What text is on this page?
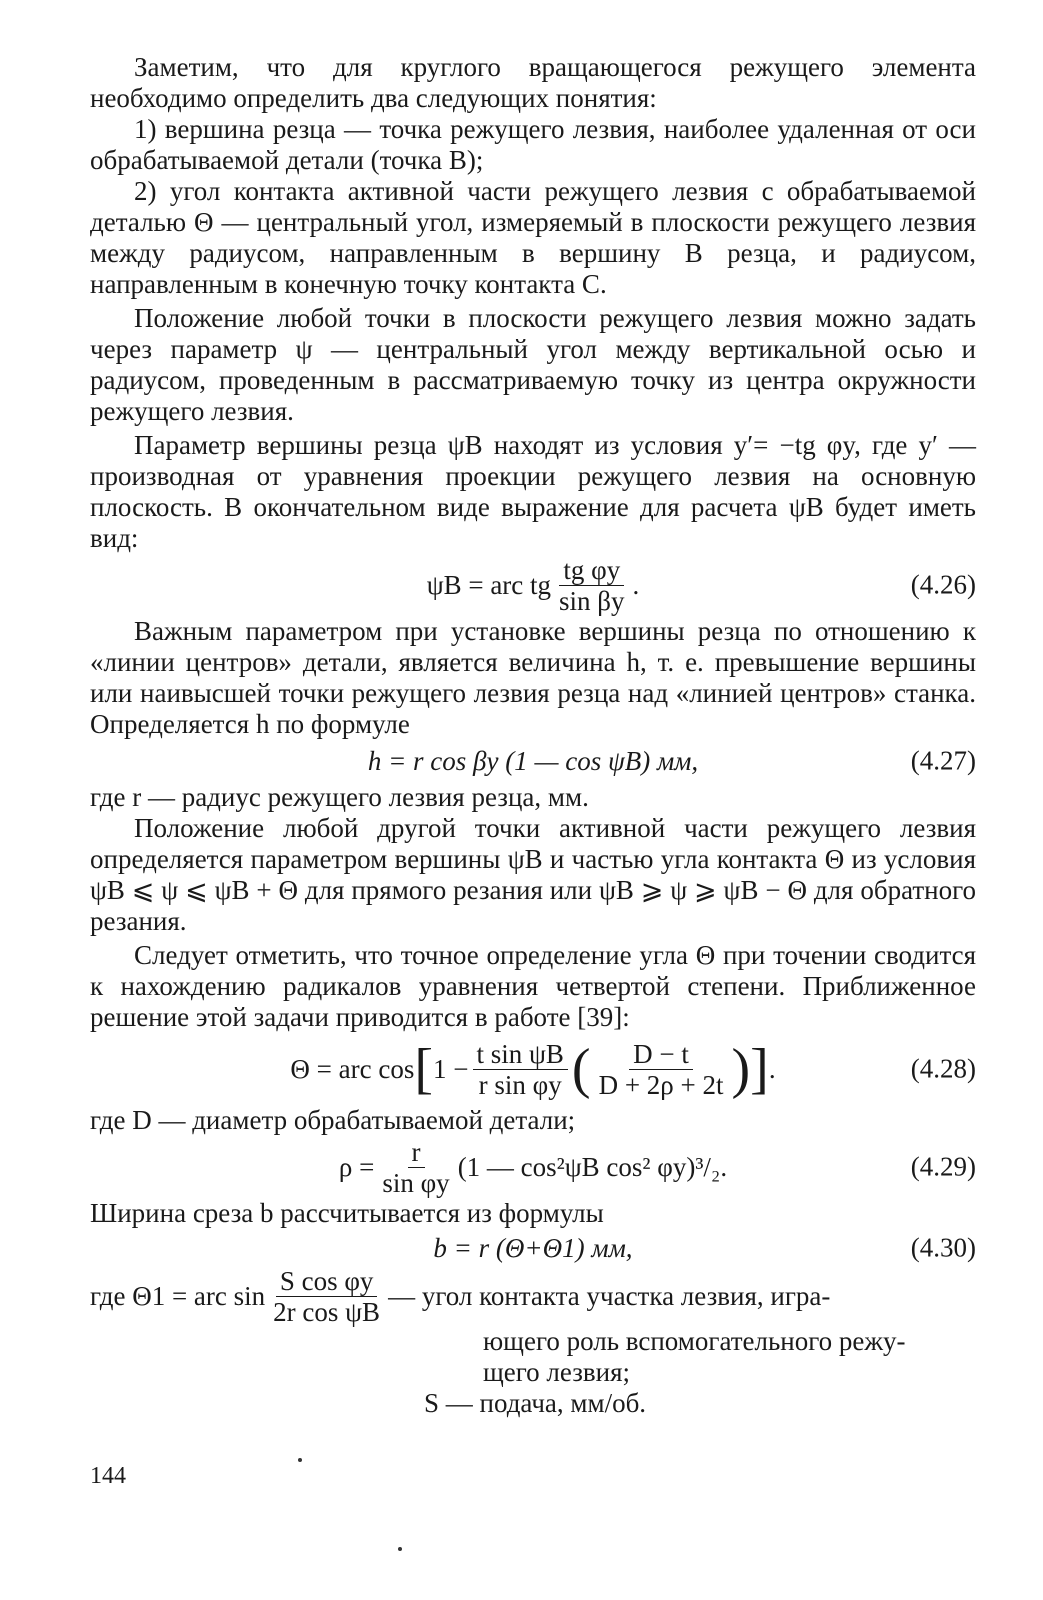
Заметим, что для круглого вращающегося режущего элемента необходимо определить два следующих понятия:

1) вершина резца — точка режущего лезвия, наиболее удаленная от оси обрабатываемой детали (точка B);

2) угол контакта активной части режущего лезвия с обрабатываемой деталью Θ — центральный угол, измеряемый в плоскости режущего лезвия между радиусом, направленным в вершину B резца, и радиусом, направленным в конечную точку контакта C.

Положение любой точки в плоскости режущего лезвия можно задать через параметр ψ — центральный угол между вертикальной осью и радиусом, проведенным в рассматриваемую точку из центра окружности режущего лезвия.

Параметр вершины резца ψB находят из условия y′= −tg φy, где y′ — производная от уравнения проекции режущего лезвия на основную плоскость. В окончательном виде выражение для расчета ψB будет иметь вид:

ψB = arc tg $\frac{\text{tg φy}}{\text{sin βy}}$ .	(4.26)

Важным параметром при установке вершины резца по отношению к «линии центров» детали, является величина h, т. е. превышение вершины или наивысшей точки режущего лезвия резца над «линией центров» станка. Определяется h по формуле

h = r cos βy (1 — cos ψB) мм,	(4.27)

где r — радиус режущего лезвия резца, мм.

Положение любой другой точки активной части режущего лезвия определяется параметром вершины ψB и частью угла контакта Θ из условия ψB ⩽ ψ ⩽ ψB + Θ для прямого резания или ψB ⩾ ψ ⩾ ψB − Θ для обратного резания.

Следует отметить, что точное определение угла Θ при точении сводится к нахождению радикалов уравнения четвертой степени. Приближенное решение этой задачи приводится в работе [39]:

Θ = arc cos [ $1 - \frac{\text{t sin ψB}}{\text{r sin φy}}$ ( $\frac{D - t}{D + 2\rho + 2t}$ ) ] .	(4.28)

где D — диаметр обрабатываемой детали;

$\rho = \frac{r}{\text{sin φy}} (1$ — cos²ψB cos² φy)³/₂.	(4.29)

Ширина среза b рассчитывается из формулы

b = r (Θ+Θ1) мм,	(4.30)
где Θ1 = arc $\sin \frac{\text{S cos φy}}{\text{2r cos ψB}}$ — угол контакта участка лезвия, игра-
ющего роль вспомогательного режу-
щего лезвия;
S — подача, мм/об.
144
